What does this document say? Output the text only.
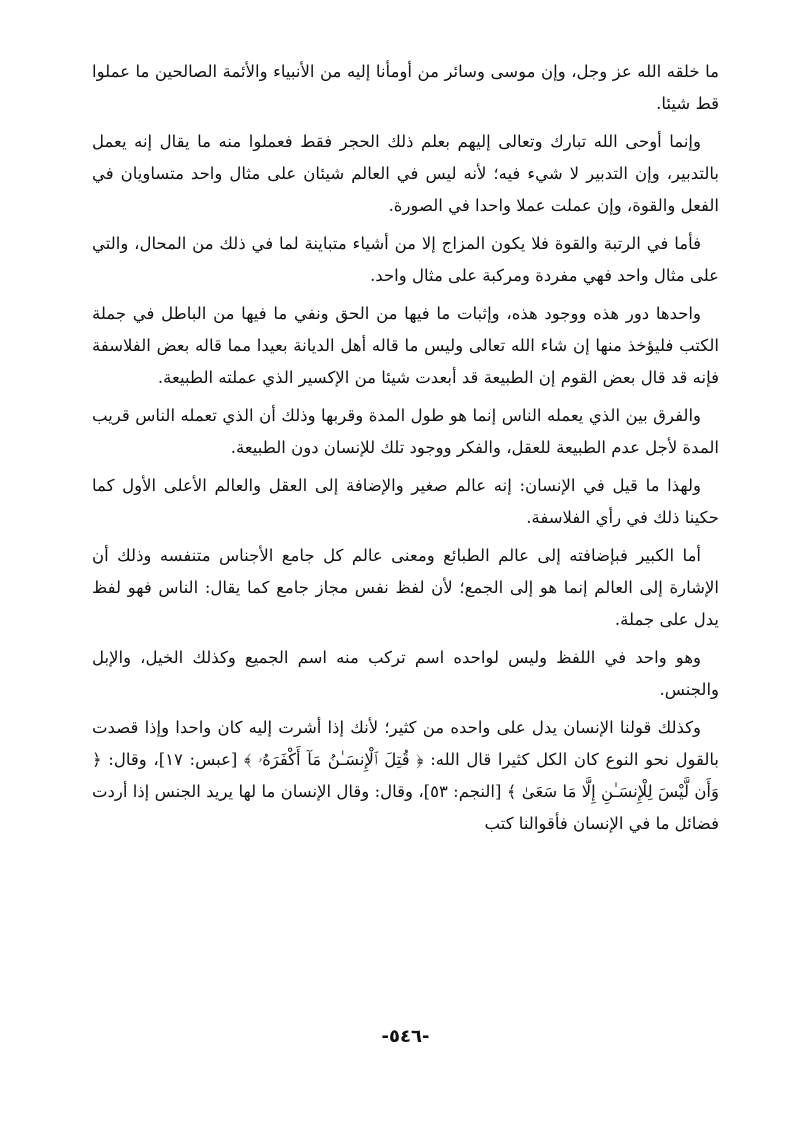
ما خلقه الله عز وجل، وإن موسى وسائر من أومأنا إليه من الأنبياء والأئمة الصالحين ما عملوا قط شيئا.

وإنما أوحى الله تبارك وتعالى إليهم بعلم ذلك الحجر فقط فعملوا منه ما يقال إنه يعمل بالتدبير، وإن التدبير لا شيء فيه؛ لأنه ليس في العالم شيئان على مثال واحد متساويان في الفعل والقوة، وإن عملت عملا واحدا في الصورة.

فأما في الرتبة والقوة فلا يكون المزاج إلا من أشياء متباينة لما في ذلك من المحال، والتي على مثال واحد فهي مفردة ومركبة على مثال واحد.

واحدها دور هذه ووجود هذه، وإثبات ما فيها من الحق ونفي ما فيها من الباطل في جملة الكتب فليؤخذ منها إن شاء الله تعالى وليس ما قاله أهل الديانة بعيدا مما قاله بعض الفلاسفة فإنه قد قال بعض القوم إن الطبيعة قد أبعدت شيئا من الإكسير الذي عملته الطبيعة.

والفرق بين الذي يعمله الناس إنما هو طول المدة وقربها وذلك أن الذي تعمله الناس قريب المدة لأجل عدم الطبيعة للعقل، والفكر ووجود تلك للإنسان دون الطبيعة.

ولهذا ما قيل في الإنسان: إنه عالم صغير والإضافة إلى العقل والعالم الأعلى الأول كما حكينا ذلك في رأي الفلاسفة.

أما الكبير فبإضافته إلى عالم الطبائع ومعنى عالم كل جامع الأجناس متنفسه وذلك أن الإشارة إلى العالم إنما هو إلى الجمع؛ لأن لفظ نفس مجاز جامع كما يقال: الناس فهو لفظ يدل على جملة.

وهو واحد في اللفظ وليس لواحده اسم تركب منه اسم الجميع وكذلك الخيل، والإبل والجنس.

وكذلك قولنا الإنسان يدل على واحده من كثير؛ لأنك إذا أشرت إليه كان واحدا وإذا قصدت بالقول نحو النوع كان الكل كثيرا قال الله: ﴿ قُتِلَ ٱلْإِنسَـٰنُ مَآ أَكْفَرَهُۥ ﴾ [عبس: ١٧]، وقال: ﴿ وَأَن لَّيْسَ لِلْإِنسَـٰنِ إِلَّا مَا سَعَىٰ ﴾ [النجم: ٥٣]، وقال: وقال الإنسان ما لها يريد الجنس إذا أردت فضائل ما في الإنسان فأقوالنا كتب

-٥٤٦-
